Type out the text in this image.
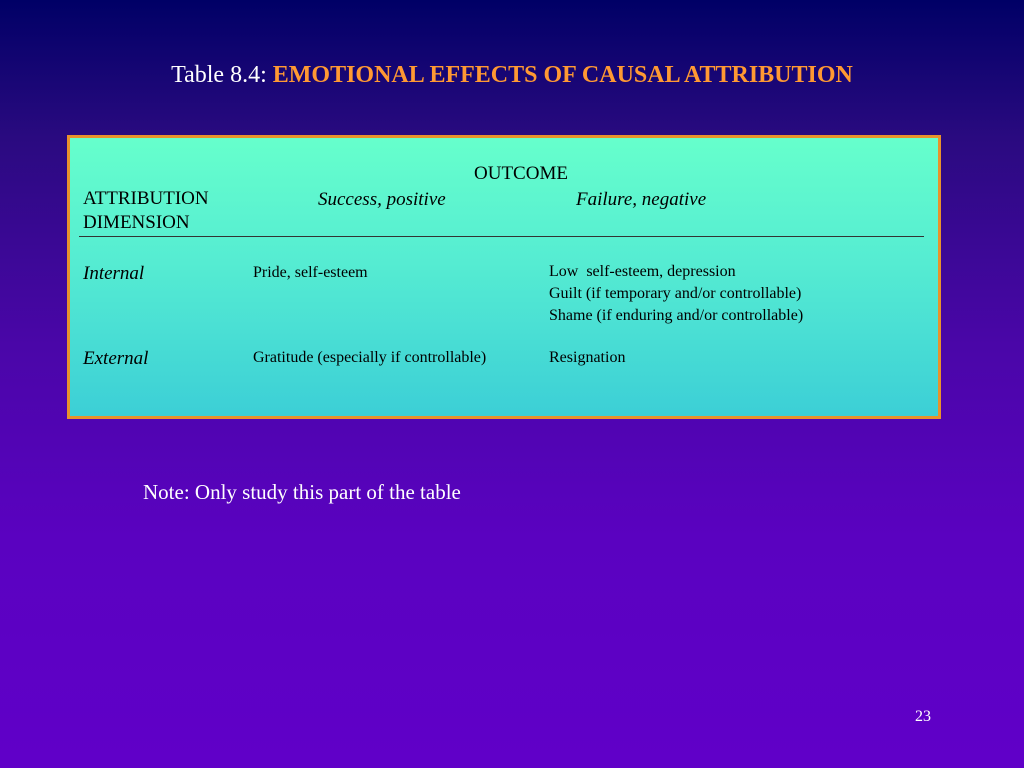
Table 8.4: EMOTIONAL EFFECTS OF CAUSAL ATTRIBUTION
OUTCOME
ATTRIBUTION
DIMENSION
Success, positive	Failure, negative
Internal	Pride, self-esteem	Low  self-esteem, depression
Guilt (if temporary and/or controllable)
Shame (if enduring and/or controllable)
External	Gratitude (especially if controllable)	Resignation
Note: Only study this part of the table
23
